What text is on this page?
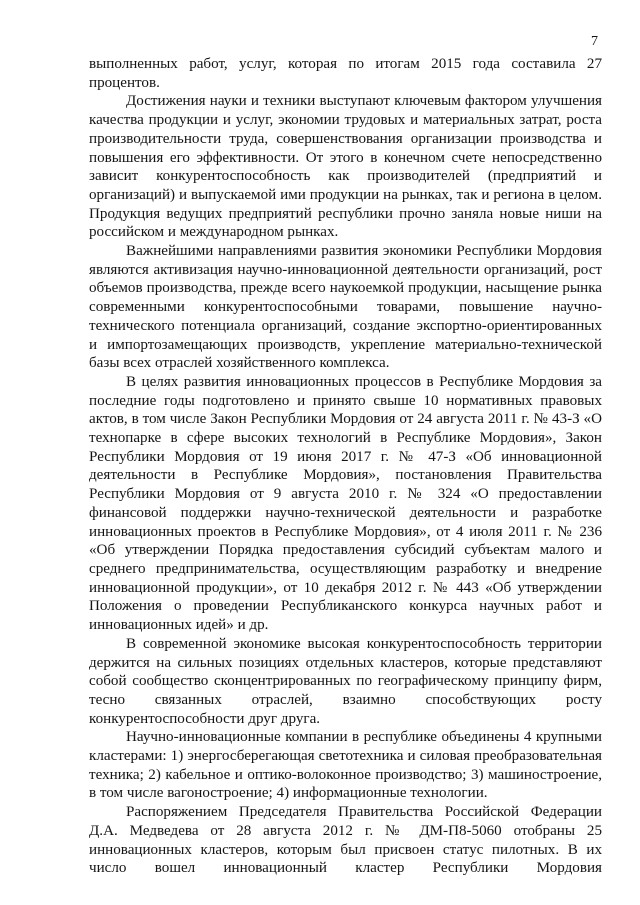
7

выполненных работ, услуг, которая по итогам 2015 года составила 27 процентов.

Достижения науки и техники выступают ключевым фактором улучшения качества продукции и услуг, экономии трудовых и материальных затрат, роста производительности труда, совершенствования организации производства и повышения его эффективности. От этого в конечном счете непосредственно зависит конкурентоспособность как производителей (предприятий и организаций) и выпускаемой ими продукции на рынках, так и региона в целом. Продукция ведущих предприятий республики прочно заняла новые ниши на российском и международном рынках.

Важнейшими направлениями развития экономики Республики Мордовия являются активизация научно-инновационной деятельности организаций, рост объемов производства, прежде всего наукоемкой продукции, насыщение рынка современными конкурентоспособными товарами, повышение научно-технического потенциала организаций, создание экспортно-ориентированных и импортозамещающих производств, укрепление материально-технической базы всех отраслей хозяйственного комплекса.

В целях развития инновационных процессов в Республике Мордовия за последние годы подготовлено и принято свыше 10 нормативных правовых актов, в том числе Закон Республики Мордовия от 24 августа 2011 г. № 43-З «О технопарке в сфере высоких технологий в Республике Мордовия», Закон Республики Мордовия от 19 июня 2017 г. № 47-З «Об инновационной деятельности в Республике Мордовия», постановления Правительства Республики Мордовия от 9 августа 2010 г. № 324 «О предоставлении финансовой поддержки научно-технической деятельности и разработке инновационных проектов в Республике Мордовия», от 4 июля 2011 г. № 236 «Об утверждении Порядка предоставления субсидий субъектам малого и среднего предпринимательства, осуществляющим разработку и внедрение инновационной продукции», от 10 декабря 2012 г. № 443 «Об утверждении Положения о проведении Республиканского конкурса научных работ и инновационных идей» и др.

В современной экономике высокая конкурентоспособность территории держится на сильных позициях отдельных кластеров, которые представляют собой сообщество сконцентрированных по географическому принципу фирм, тесно связанных отраслей, взаимно способствующих росту конкурентоспособности друг друга.

Научно-инновационные компании в республике объединены 4 крупными кластерами: 1) энергосберегающая светотехника и силовая преобразовательная техника; 2) кабельное и оптико-волоконное производство; 3) машиностроение, в том числе вагоностроение; 4) информационные технологии.

Распоряжением Председателя Правительства Российской Федерации Д.А. Медведева от 28 августа 2012 г. № ДМ-П8-5060 отобраны 25 инновационных кластеров, которым был присвоен статус пилотных. В их число вошел инновационный кластер Республики Мордовия
